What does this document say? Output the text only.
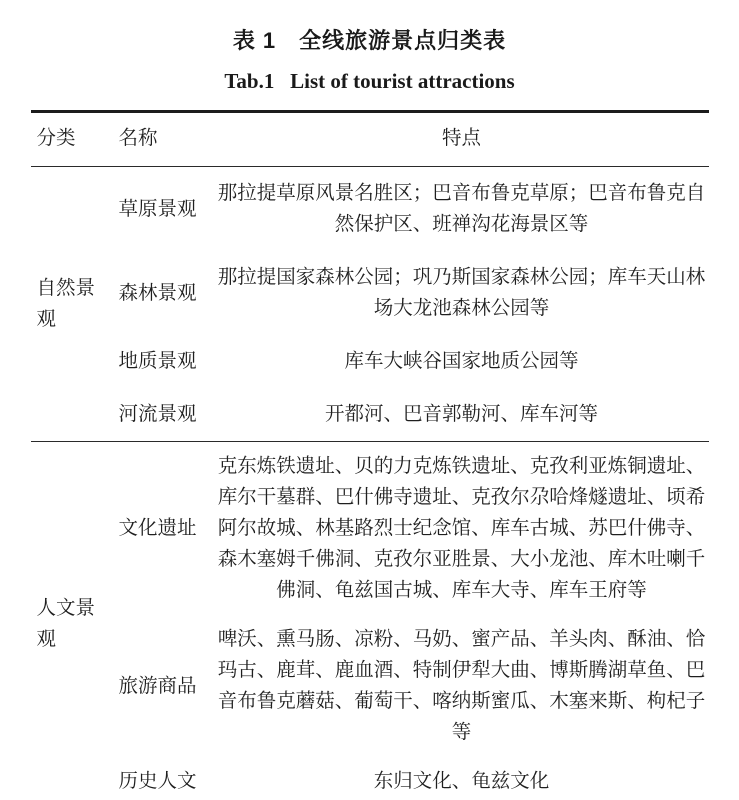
表 1　全线旅游景点归类表
Tab.1   List of tourist attractions
分类	名称	特点
自然景观	草原景观	那拉提草原风景名胜区；巴音布鲁克草原；巴音布鲁克自然保护区、班禅沟花海景区等
	森林景观	那拉提国家森林公园；巩乃斯国家森林公园；库车天山林场大龙池森林公园等
	地质景观	库车大峡谷国家地质公园等
	河流景观	开都河、巴音郭勒河、库车河等
人文景观	文化遗址	克东炼铁遗址、贝的力克炼铁遗址、克孜利亚炼铜遗址、库尔干墓群、巴什佛寺遗址、克孜尔尕哈烽燧遗址、顷希阿尔故城、林基路烈士纪念馆、库车古城、苏巴什佛寺、森木塞姆千佛洞、克孜尔亚胜景、大小龙池、库木吐喇千佛洞、龟兹国古城、库车大寺、库车王府等
	旅游商品	啤沃、熏马肠、凉粉、马奶、蜜产品、羊头肉、酥油、恰玛古、鹿茸、鹿血酒、特制伊犁大曲、博斯腾湖草鱼、巴音布鲁克蘑菇、葡萄干、喀纳斯蜜瓜、木塞来斯、枸杞子等
	历史人文	东归文化、龟兹文化
